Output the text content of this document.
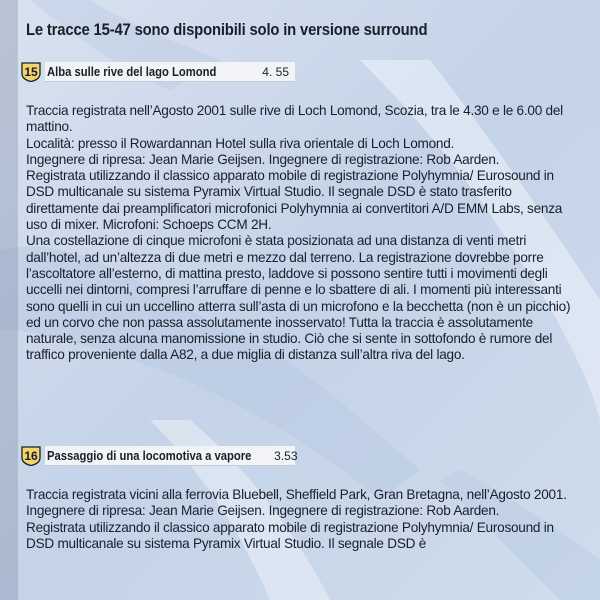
Le tracce 15-47 sono disponibili solo in versione surround
15 Alba sulle rive del lago Lomond	4. 55

Traccia registrata nell’Agosto 2001 sulle rive di Loch Lomond, Scozia, tra le 4.30 e le 6.00 del mattino.

Località: presso il Rowardannan Hotel sulla riva orientale di Loch Lomond.

Ingegnere di ripresa: Jean Marie Geijsen. Ingegnere di registrazione: Rob Aarden.

Registrata utilizzando il classico apparato mobile di registrazione Polyhymnia/ Eurosound in DSD multicanale su sistema Pyramix Virtual Studio. Il segnale DSD è stato trasferito direttamente dai preamplificatori microfonici Polyhymnia ai convertitori A/D EMM Labs, senza uso di mixer. Microfoni: Schoeps CCM 2H.

Una costellazione di cinque microfoni è stata posizionata ad una distanza di venti metri dall’hotel, ad un’altezza di due metri e mezzo dal terreno. La registrazione dovrebbe porre l’ascoltatore all’esterno, di mattina presto, laddove si possono sentire tutti i movimenti degli uccelli nei dintorni, compresi l’arruffare di penne e lo sbattere di ali. I momenti più interessanti sono quelli in cui un uccellino atterra sull’asta di un microfono e la becchetta (non è un picchio) ed un corvo che non passa assolutamente inosservato! Tutta la traccia è assolutamente naturale, senza alcuna manomissione in studio. Ciò che si sente in sottofondo è rumore del traffico proveniente dalla A82, a due miglia di distanza sull’altra riva del lago.

16 Passaggio di una locomotiva a vapore 3.53

Traccia registrata vicini alla ferrovia Bluebell, Sheffield Park, Gran Bretagna, nell’Agosto 2001.

Ingegnere di ripresa: Jean Marie Geijsen. Ingegnere di registrazione: Rob Aarden.

Registrata utilizzando il classico apparato mobile di registrazione Polyhymnia/ Eurosound in DSD multicanale su sistema Pyramix Virtual Studio. Il segnale DSD è
